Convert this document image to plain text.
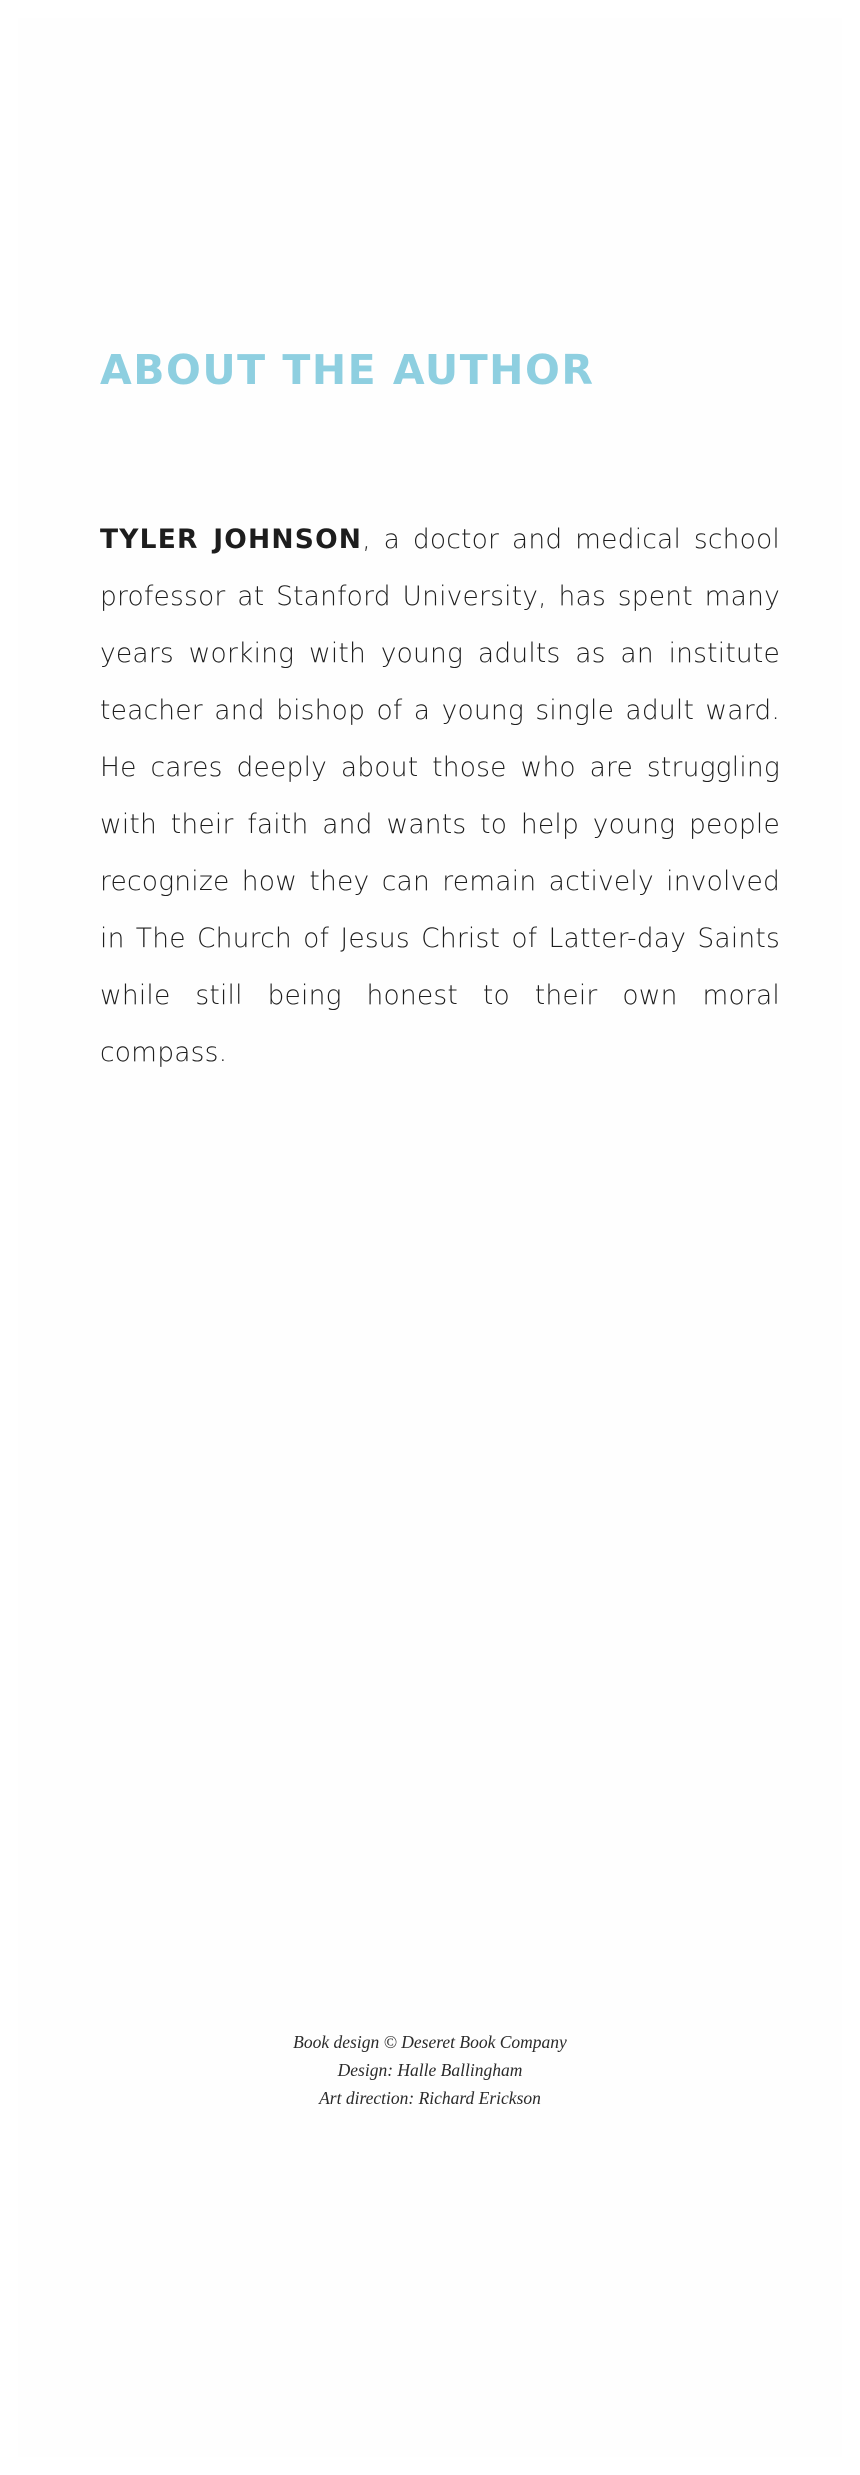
ABOUT THE AUTHOR

TYLER JOHNSON, a doctor and medical school professor at Stanford University, has spent many years working with young adults as an institute teacher and bishop of a young single adult ward. He cares deeply about those who are struggling with their faith and wants to help young people recognize how they can remain actively involved in The Church of Jesus Christ of Latter-day Saints while still being honest to their own moral compass.

Book design © Deseret Book Company
Design: Halle Ballingham
Art direction: Richard Erickson
